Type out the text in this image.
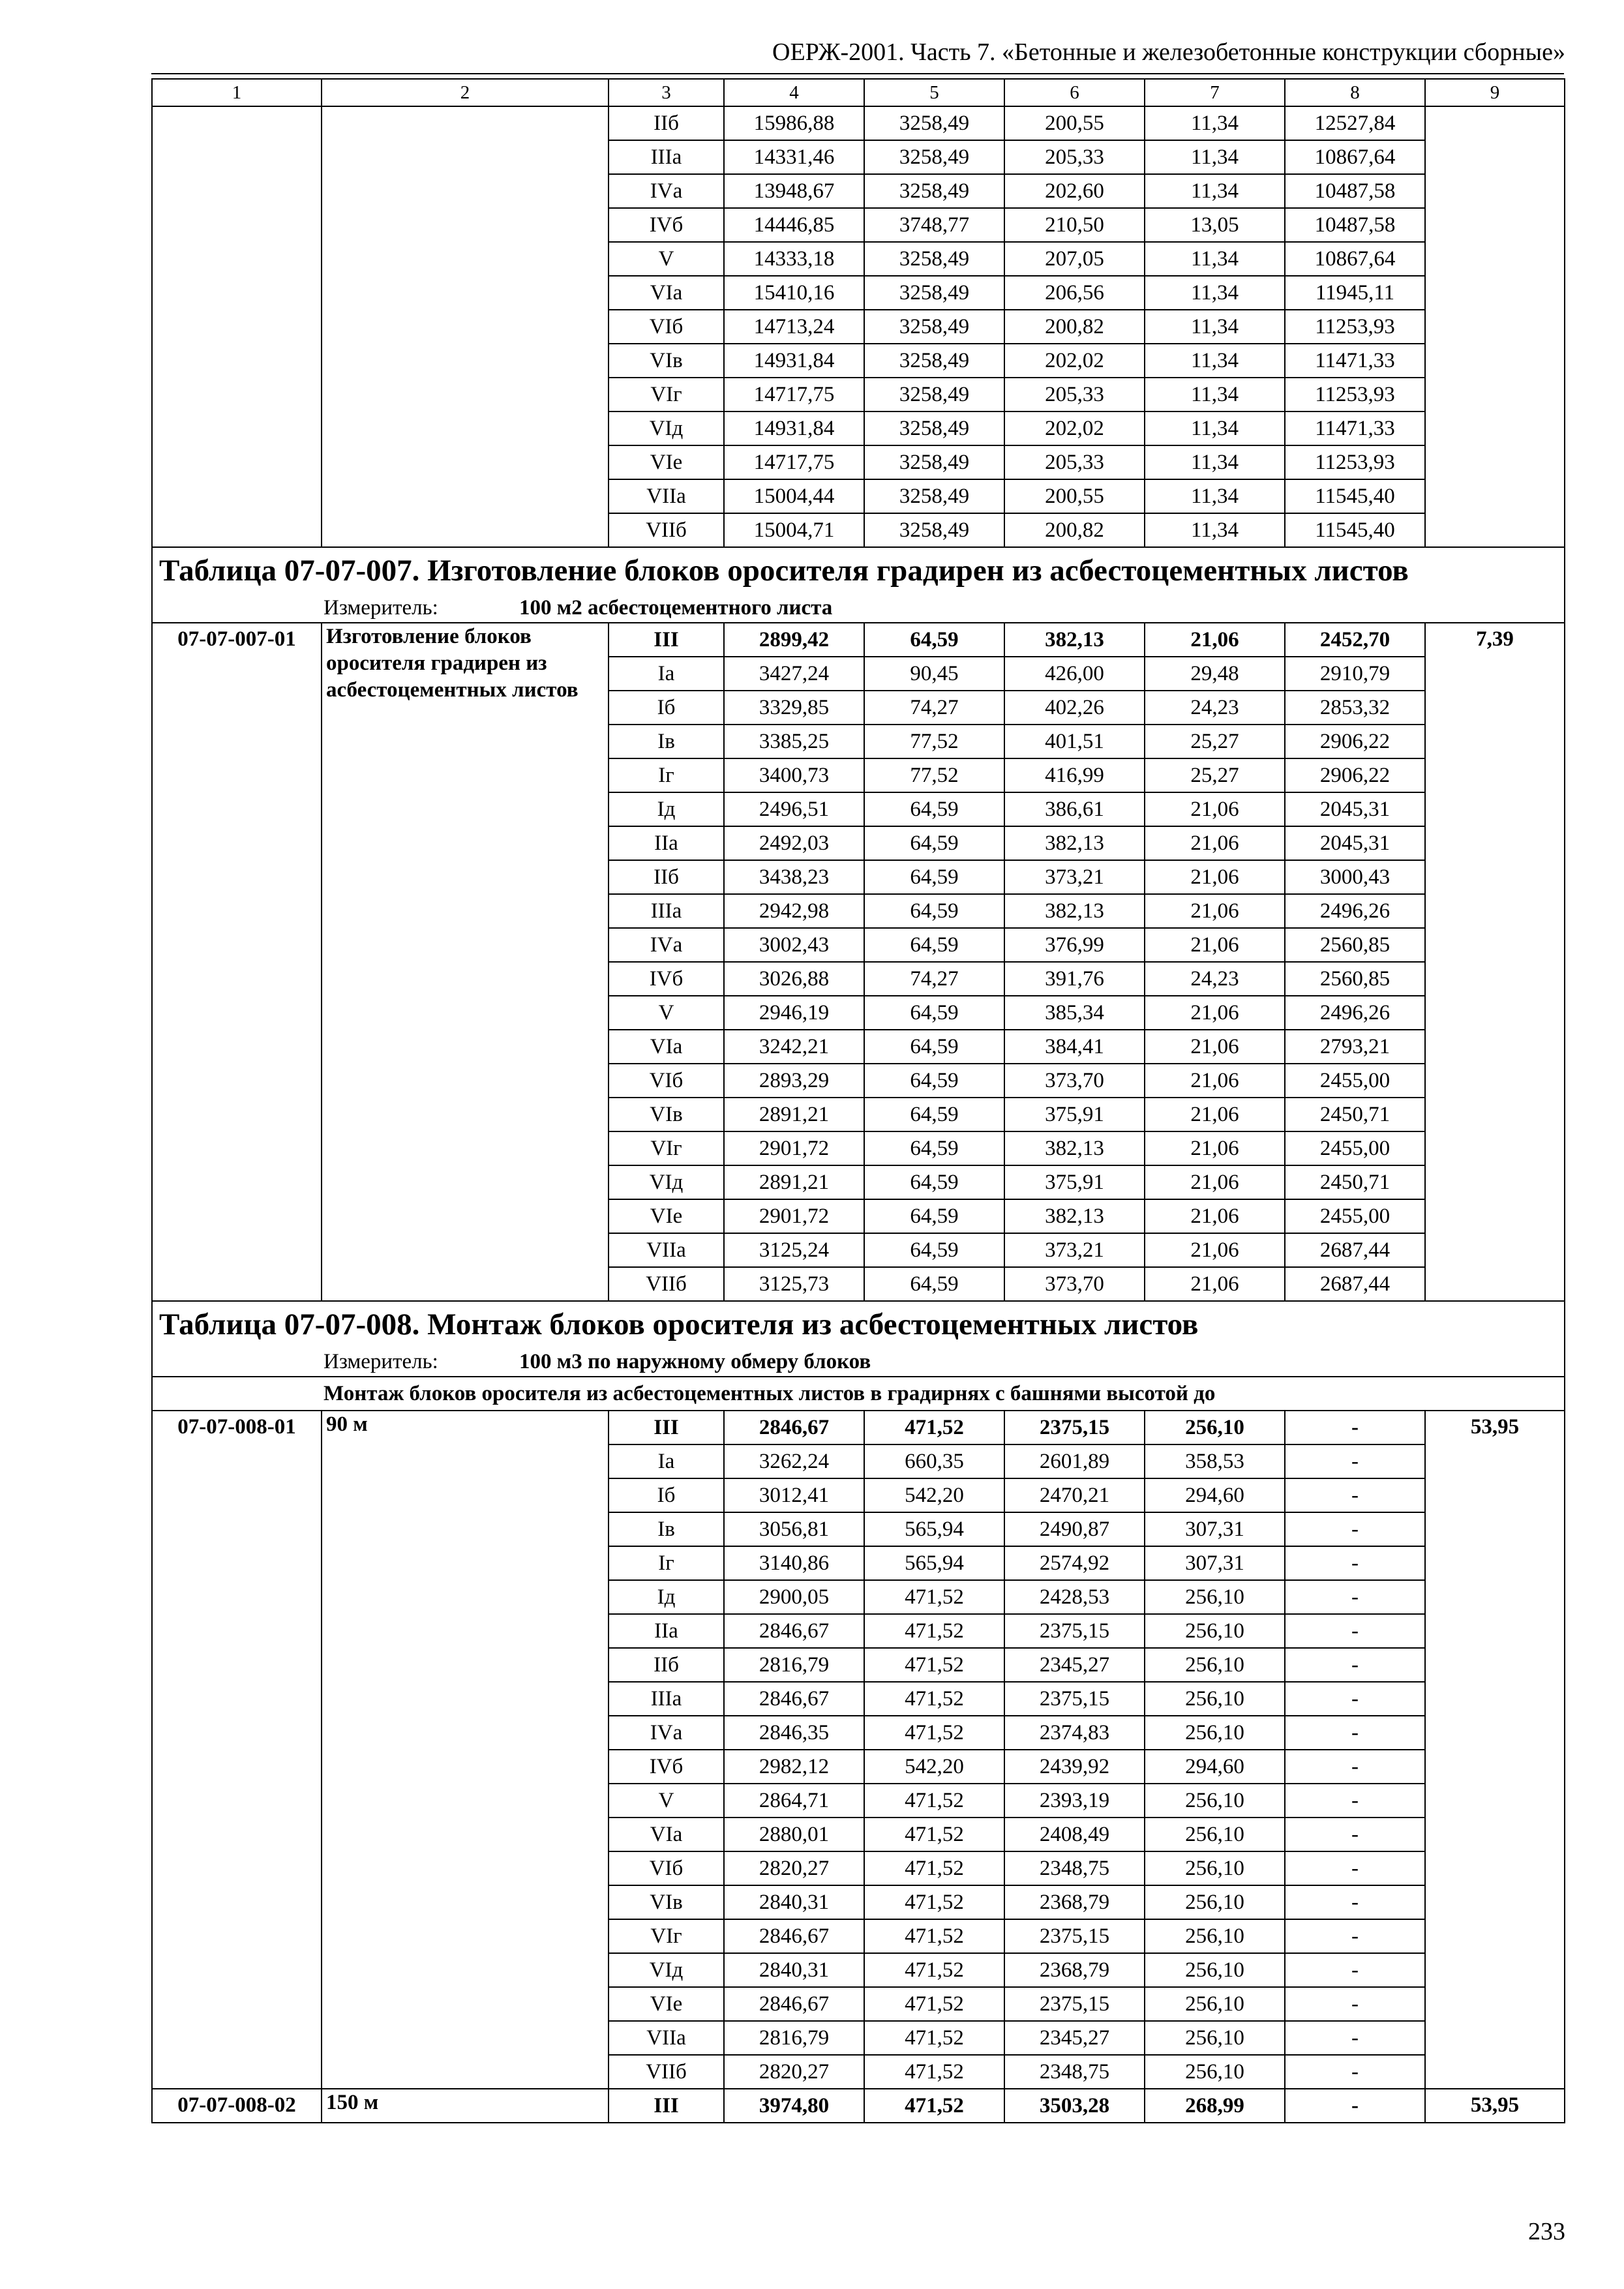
ОЕРЖ-2001. Часть 7. «Бетонные и железобетонные конструкции сборные»
1	2	3	4	5	6	7	8	9
		IIб	15986,88	3258,49	200,55	11,34	12527,84	
		IIIа	14331,46	3258,49	205,33	11,34	10867,64	
		IVа	13948,67	3258,49	202,60	11,34	10487,58	
		IVб	14446,85	3748,77	210,50	13,05	10487,58	
		V	14333,18	3258,49	207,05	11,34	10867,64	
		VIа	15410,16	3258,49	206,56	11,34	11945,11	
		VIб	14713,24	3258,49	200,82	11,34	11253,93	
		VIв	14931,84	3258,49	202,02	11,34	11471,33	
		VIг	14717,75	3258,49	205,33	11,34	11253,93	
		VIд	14931,84	3258,49	202,02	11,34	11471,33	
		VIе	14717,75	3258,49	205,33	11,34	11253,93	
		VIIа	15004,44	3258,49	200,55	11,34	11545,40	
		VIIб	15004,71	3258,49	200,82	11,34	11545,40	
Таблица 07-07-007. Изготовление блоков оросителя градирен из асбестоцементных листов								
Измеритель: 100 м2 асбестоцементного листа								
07-07-007-01	Изготовление блоков оросителя градирен из асбестоцементных листов	III	2899,42	64,59	382,13	21,06	2452,70	7,39
		Iа	3427,24	90,45	426,00	29,48	2910,79	
		Iб	3329,85	74,27	402,26	24,23	2853,32	
		Iв	3385,25	77,52	401,51	25,27	2906,22	
		Iг	3400,73	77,52	416,99	25,27	2906,22	
		Iд	2496,51	64,59	386,61	21,06	2045,31	
		IIа	2492,03	64,59	382,13	21,06	2045,31	
		IIб	3438,23	64,59	373,21	21,06	3000,43	
		IIIа	2942,98	64,59	382,13	21,06	2496,26	
		IVа	3002,43	64,59	376,99	21,06	2560,85	
		IVб	3026,88	74,27	391,76	24,23	2560,85	
		V	2946,19	64,59	385,34	21,06	2496,26	
		VIа	3242,21	64,59	384,41	21,06	2793,21	
		VIб	2893,29	64,59	373,70	21,06	2455,00	
		VIв	2891,21	64,59	375,91	21,06	2450,71	
		VIг	2901,72	64,59	382,13	21,06	2455,00	
		VIд	2891,21	64,59	375,91	21,06	2450,71	
		VIе	2901,72	64,59	382,13	21,06	2455,00	
		VIIа	3125,24	64,59	373,21	21,06	2687,44	
		VIIб	3125,73	64,59	373,70	21,06	2687,44	
Таблица 07-07-008. Монтаж блоков оросителя из асбестоцементных листов								
Измеритель: 100 м3 по наружному обмеру блоков								
Монтаж блоков оросителя из асбестоцементных листов в градирнях с башнями высотой до								
07-07-008-01	90 м	III	2846,67	471,52	2375,15	256,10	-	53,95
		Iа	3262,24	660,35	2601,89	358,53	-	
		Iб	3012,41	542,20	2470,21	294,60	-	
		Iв	3056,81	565,94	2490,87	307,31	-	
		Iг	3140,86	565,94	2574,92	307,31	-	
		Iд	2900,05	471,52	2428,53	256,10	-	
		IIа	2846,67	471,52	2375,15	256,10	-	
		IIб	2816,79	471,52	2345,27	256,10	-	
		IIIа	2846,67	471,52	2375,15	256,10	-	
		IVа	2846,35	471,52	2374,83	256,10	-	
		IVб	2982,12	542,20	2439,92	294,60	-	
		V	2864,71	471,52	2393,19	256,10	-	
		VIа	2880,01	471,52	2408,49	256,10	-	
		VIб	2820,27	471,52	2348,75	256,10	-	
		VIв	2840,31	471,52	2368,79	256,10	-	
		VIг	2846,67	471,52	2375,15	256,10	-	
		VIд	2840,31	471,52	2368,79	256,10	-	
		VIе	2846,67	471,52	2375,15	256,10	-	
		VIIа	2816,79	471,52	2345,27	256,10	-	
		VIIб	2820,27	471,52	2348,75	256,10	-	
07-07-008-02	150 м	III	3974,80	471,52	3503,28	268,99	-	53,95
233
